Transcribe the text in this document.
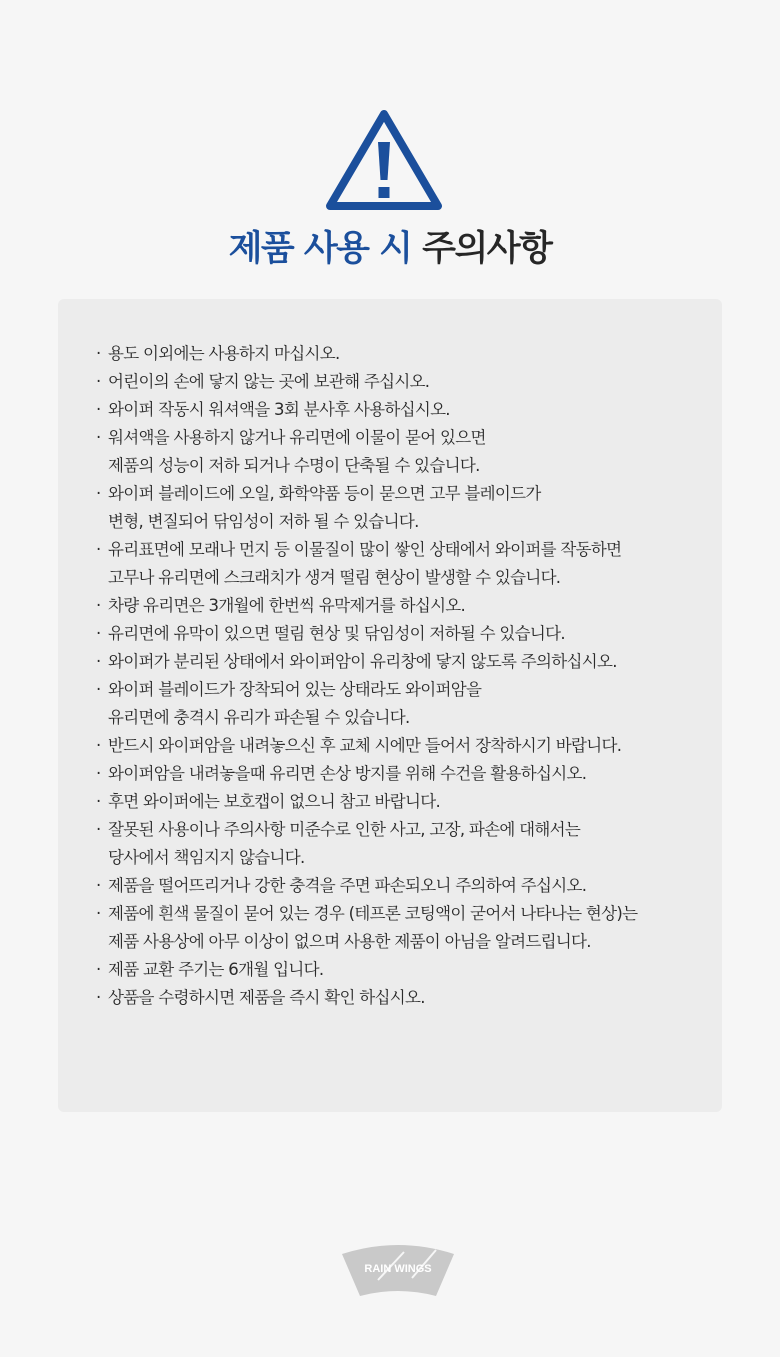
제품 사용 시 주의사항
· 용도 이외에는 사용하지 마십시오.
· 어린이의 손에 닿지 않는 곳에 보관해 주십시오.
· 와이퍼 작동시 워셔액을 3회 분사후 사용하십시오.
· 워셔액을 사용하지 않거나 유리면에 이물이 묻어 있으면
제품의 성능이 저하 되거나 수명이 단축될 수 있습니다.
· 와이퍼 블레이드에 오일, 화학약품 등이 묻으면 고무 블레이드가
변형, 변질되어 닦임성이 저하 될 수 있습니다.
· 유리표면에 모래나 먼지 등 이물질이 많이 쌓인 상태에서 와이퍼를 작동하면
고무나 유리면에 스크래치가 생겨 떨림 현상이 발생할 수 있습니다.
· 차량 유리면은 3개월에 한번씩 유막제거를 하십시오.
· 유리면에 유막이 있으면 떨림 현상 및 닦임성이 저하될 수 있습니다.
· 와이퍼가 분리된 상태에서 와이퍼암이 유리창에 닿지 않도록 주의하십시오.
· 와이퍼 블레이드가 장착되어 있는 상태라도 와이퍼암을
유리면에 충격시 유리가 파손될 수 있습니다.
· 반드시 와이퍼암을 내려놓으신 후 교체 시에만 들어서 장착하시기 바랍니다.
· 와이퍼암을 내려놓을때 유리면 손상 방지를 위해 수건을 활용하십시오.
· 후면 와이퍼에는 보호캡이 없으니 참고 바랍니다.
· 잘못된 사용이나 주의사항 미준수로 인한 사고, 고장, 파손에 대해서는
당사에서 책임지지 않습니다.
· 제품을 떨어뜨리거나 강한 충격을 주면 파손되오니 주의하여 주십시오.
· 제품에 흰색 물질이 묻어 있는 경우 (테프론 코팅액이 굳어서 나타나는 현상)는
제품 사용상에 아무 이상이 없으며 사용한 제품이 아님을 알려드립니다.
· 제품 교환 주기는 6개월 입니다.
· 상품을 수령하시면 제품을 즉시 확인 하십시오.
RAIN WINGS
